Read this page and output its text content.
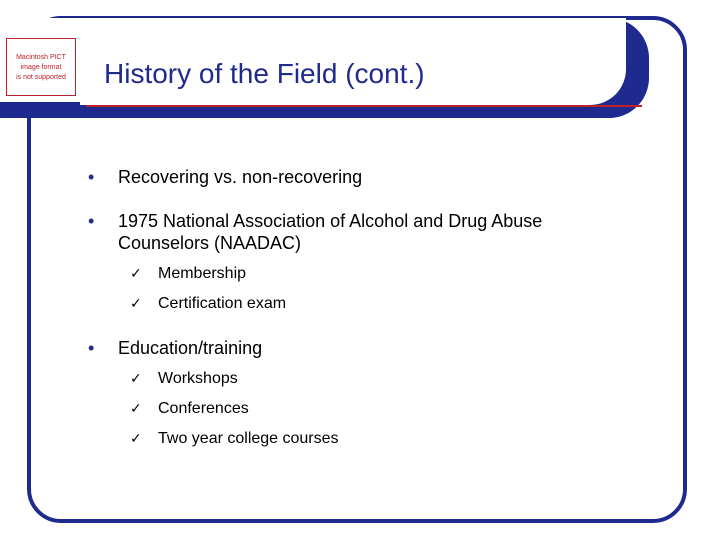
Macintosh PICT
image format
is not supported	History of the Field (cont.)
•	Recovering vs. non-recovering
•	1975 National Association of Alcohol and Drug Abuse Counselors (NAADAC)
✓	Membership
✓	Certification exam
•	Education/training
✓	Workshops
✓	Conferences
✓	Two year college courses
